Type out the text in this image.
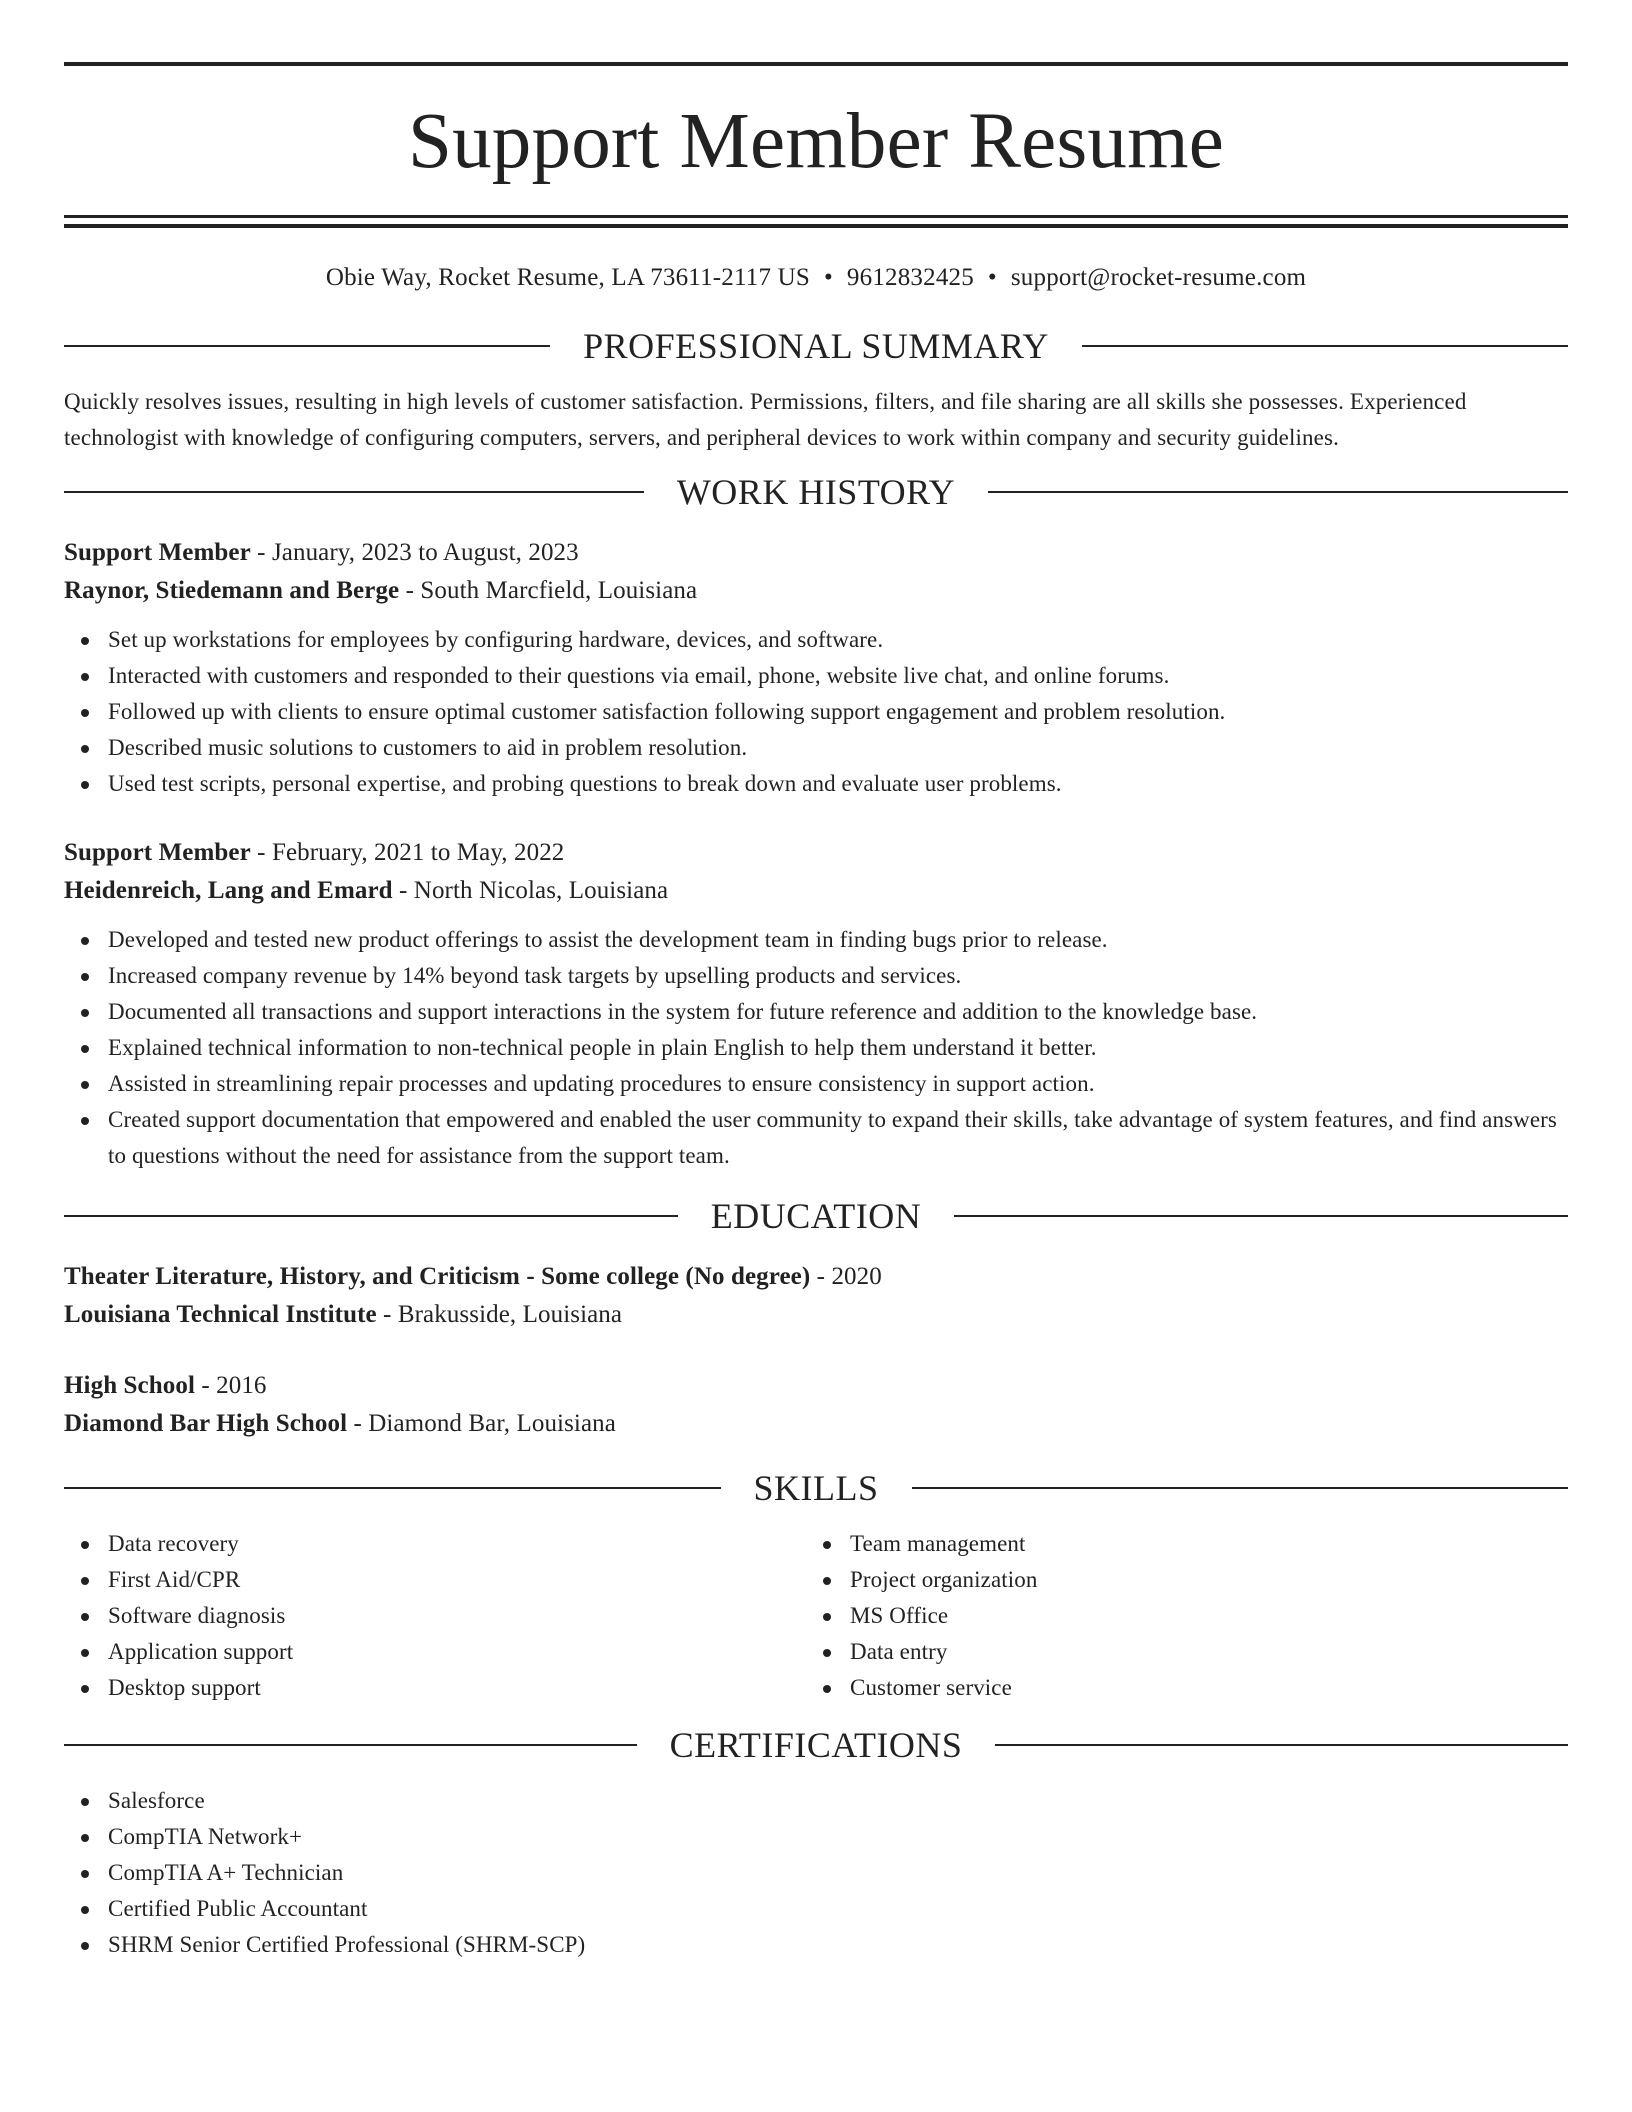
Support Member Resume
Obie Way, Rocket Resume, LA 73611-2117 US • 9612832425 • support@rocket-resume.com
PROFESSIONAL SUMMARY

Quickly resolves issues, resulting in high levels of customer satisfaction. Permissions, filters, and file sharing are all skills she possesses. Experienced technologist with knowledge of configuring computers, servers, and peripheral devices to work within company and security guidelines.

WORK HISTORY
Support Member - January, 2023 to August, 2023
Raynor, Stiedemann and Berge - South Marcfield, Louisiana
Set up workstations for employees by configuring hardware, devices, and software.
Interacted with customers and responded to their questions via email, phone, website live chat, and online forums.
Followed up with clients to ensure optimal customer satisfaction following support engagement and problem resolution.
Described music solutions to customers to aid in problem resolution.
Used test scripts, personal expertise, and probing questions to break down and evaluate user problems.
Support Member - February, 2021 to May, 2022
Heidenreich, Lang and Emard - North Nicolas, Louisiana
Developed and tested new product offerings to assist the development team in finding bugs prior to release.
Increased company revenue by 14% beyond task targets by upselling products and services.
Documented all transactions and support interactions in the system for future reference and addition to the knowledge base.
Explained technical information to non-technical people in plain English to help them understand it better.
Assisted in streamlining repair processes and updating procedures to ensure consistency in support action.
Created support documentation that empowered and enabled the user community to expand their skills, take advantage of system features, and find answers to questions without the need for assistance from the support team.
EDUCATION
Theater Literature, History, and Criticism - Some college (No degree) - 2020
Louisiana Technical Institute - Brakusside, Louisiana
High School - 2016
Diamond Bar High School - Diamond Bar, Louisiana
SKILLS
Data recovery
First Aid/CPR
Software diagnosis
Application support
Desktop support
Team management
Project organization
MS Office
Data entry
Customer service
CERTIFICATIONS
Salesforce
CompTIA Network+
CompTIA A+ Technician
Certified Public Accountant
SHRM Senior Certified Professional (SHRM-SCP)
